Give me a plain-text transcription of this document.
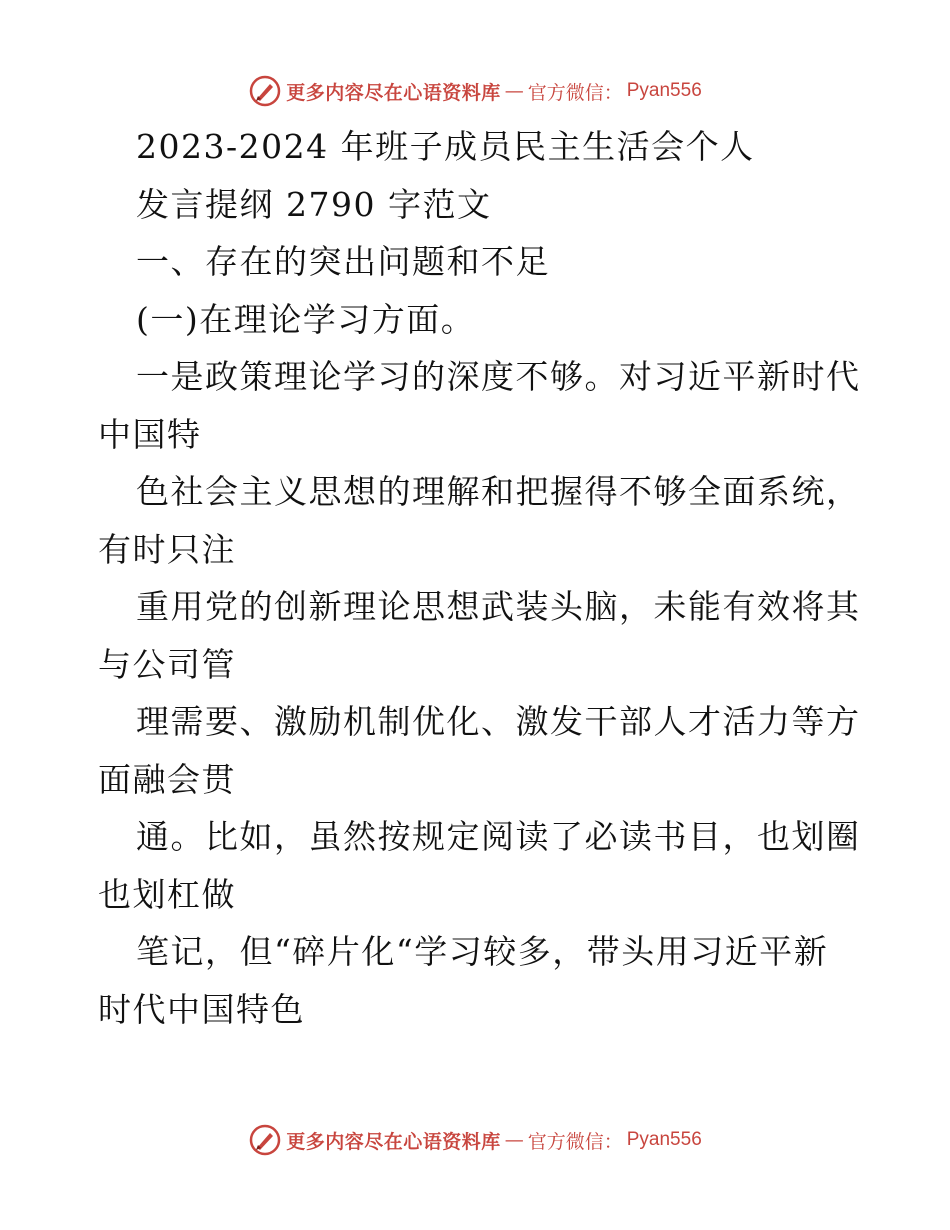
更多内容尽在心语资料库 — 官方微信： Pyan556
2023-2024 年班子成员民主生活会个人
发言提纲 2790 字范文
一、存在的突出问题和不足
(一)在理论学习方面。
一是政策理论学习的深度不够。对习近平新时代
中国特
色社会主义思想的理解和把握得不够全面系统，
有时只注
重用党的创新理论思想武装头脑，未能有效将其
与公司管
理需要、激励机制优化、激发干部人才活力等方
面融会贯
通。比如，虽然按规定阅读了必读书目，也划圈
也划杠做
笔记，但“碎片化“学习较多，带头用习近平新
时代中国特色
更多内容尽在心语资料库 — 官方微信： Pyan556
